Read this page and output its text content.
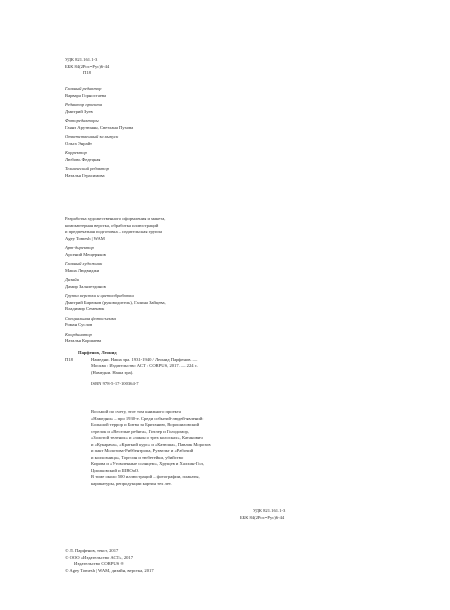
УДК 821.161.1-3
ББК 84(2Рос=Рус)6-44
П18
Главный редактор
Варвара Горностаева
Редактор проекта
Дмитрий Зуев
Фоторедакторы
Гаянэ Арутюнян, Светлана Пухова
Ответственный за выпуск
Ольга Энрайт
Корректор
Любовь Федецкая
Технический редактор
Наталья Герасимова
Разработка художественного оформления и макета,
компьютерная верстка, обработка иллюстраций
и предпечатная подготовка – издательская группа
Agey Tomesh | WAM
Арт-директор
Арсений Мещеряков
Главный художник
Маша Людвиджи
Дизайн
Дамир Залялетдинов
Группа верстки и цветообработки
Дмитрий Бирюков (руководитель), Галина Зайцева,
Владимир Семенюк
Специальная фотосъемка
Роман Суслов
Координатор
Наталья Коршаева
Парфенов, Леонид
П18	Намедни. Наша эра. 1931-1940 / Леонид Парфенов. —
Москва : Издательство АСТ : CORPUS, 2017. — 224 с.
(Намедни. Наша эра).
ISBN 978-5-17-100364-7
Восьмой по счету, этот том книжного проекта
«Намедни» – про 1930-е. Среди событий-людей-явлений:
Большой террор и Битва за Британию, Ворошиловский
стрелок и «Веселые ребята», Гитлер и Голодомор,
«Золотой теленок» и «закон о трех колосках», Катанович
и «Кукарача», «Краткий курс» и «Катюша», Павлик Морозов
и пакт Молотова-Риббентропа, Рузвельт и «Рабочий
и колхозница», Торгсин и тюбетейки, убийство
Кирова и «Утомленные солнцем», Хрущев и Халхин-Гол,
Циолковский и ШВОаО.
В томе около 500 иллюстраций – фотографии, плакаты,
карикатуры, репродукции картин тех лет.
УДК 821.161.1-3
ББК 84(2Рос=Рус)6-44
© Л. Парфенов, текст, 2017
© ООО «Издательство АСТ», 2017
Издательство CORPUS ®
© Agey Tomesh | WAM, дизайн, верстка, 2017
